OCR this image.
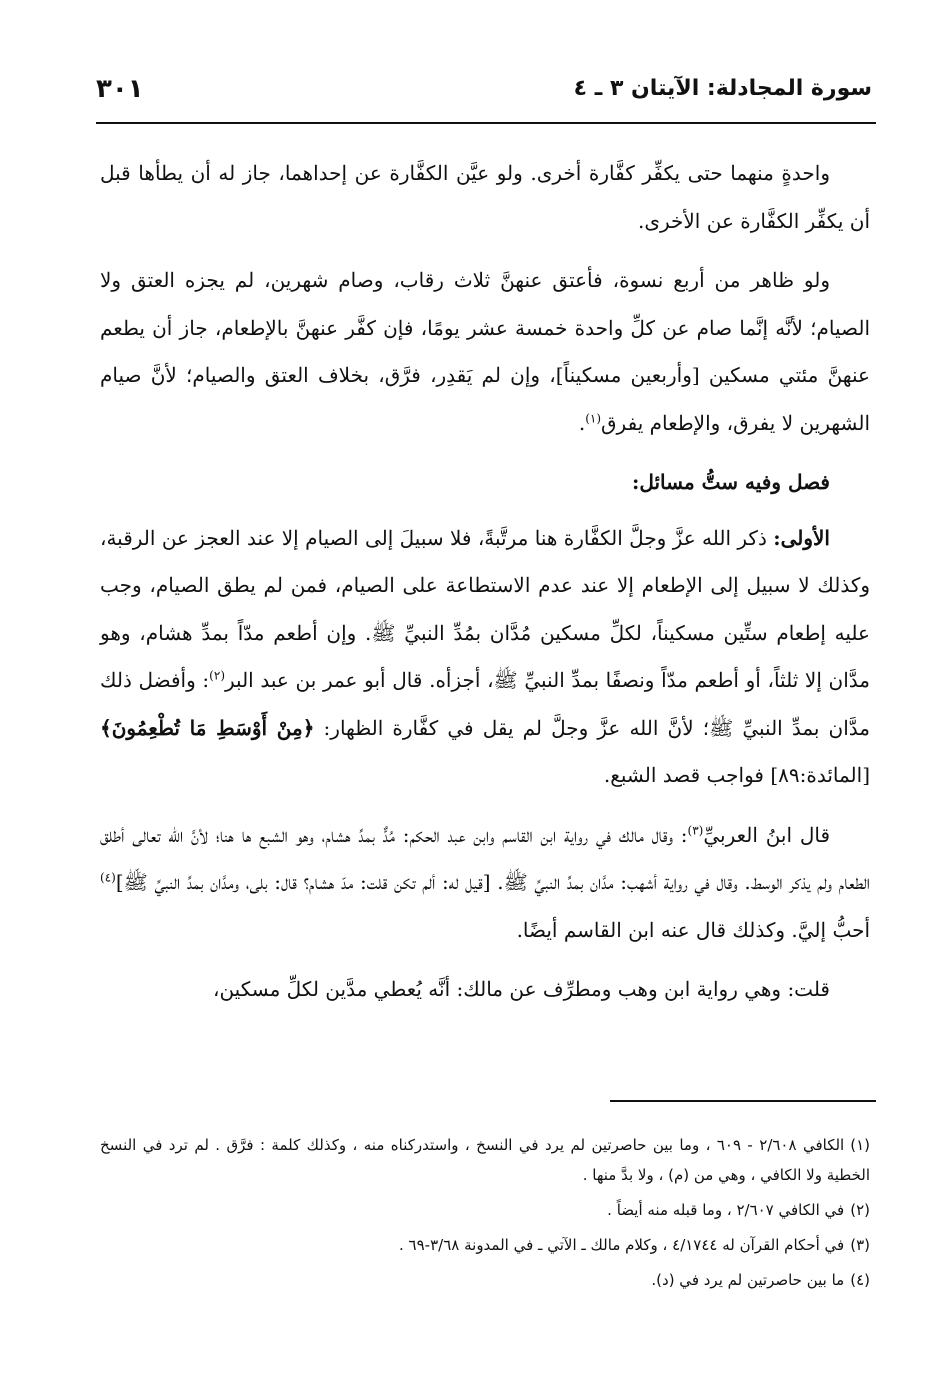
سورة المجادلة: الآيتان ٣ ـ ٤
٣٠١

واحدةٍ منهما حتى يكفِّر كفَّارة أخرى. ولو عيَّن الكفَّارة عن إحداهما، جاز له أن يطأها قبل أن يكفِّر الكفَّارة عن الأخرى.

ولو ظاهر من أربع نسوة، فأعتق عنهنَّ ثلاث رقاب، وصام شهرين، لم يجزه العتق ولا الصيام؛ لأنَّه إنَّما صام عن كلِّ واحدة خمسة عشر يومًا، فإن كفَّر عنهنَّ بالإطعام، جاز أن يطعم عنهنَّ مئتي مسكين [وأربعين مسكيناً]، وإن لم يَقدِر، فرَّق، بخلاف العتق والصيام؛ لأنَّ صيام الشهرين لا يفرق، والإطعام يفرق$^{(١)}$.

فصل وفيه ستُّ مسائل:

الأولى: ذكر الله عزَّ وجلَّ الكفَّارة هنا مرتَّبةً، فلا سبيلَ إلى الصيام إلا عند العجز عن الرقبة، وكذلك لا سبيل إلى الإطعام إلا عند عدم الاستطاعة على الصيام، فمن لم يطق الصيام، وجب عليه إطعام ستِّين مسكيناً، لكلِّ مسكين مُدَّان بمُدِّ النبيِّ ﷺ. وإن أطعم مدّاً بمدِّ هشام، وهو مدَّان إلا ثلثاً، أو أطعم مدّاً ونصفًا بمدِّ النبيِّ ﷺ، أجزأه. قال أبو عمر بن عبد البر$^{(٢)}$: وأفضل ذلك مدَّان بمدِّ النبيِّ ﷺ؛ لأنَّ الله عزَّ وجلَّ لم يقل في كفَّارة الظهار: ﴿مِنْ أَوْسَطِ مَا تُطْعِمُونَ﴾ [المائدة:٨٩] فواجب قصد الشبع.

قال ابنُ العربيِّ$^{(٣)}$: وقال مالك في رواية ابن القاسم وابن عبد الحكم: مُدٌّ بمدِّ هشام، وهو الشبع ها هنا؛ لأنَّ الله تعالى أطلق الطعام ولم يذكر الوسط. وقال في رواية أشهب: مدَّان بمدِّ النبيِّ ﷺ. [قيل له: ألم تكن قلت: مدّ هشام؟ قال: بلى، ومدَّان بمدِّ النبيِّ ﷺ]$^{(٤)}$ أحبُّ إليَّ. وكذلك قال عنه ابن القاسم أيضًا.

قلت: وهي رواية ابن وهب ومطرِّف عن مالك: أنَّه يُعطي مدَّين لكلِّ مسكين،

(١)الكافي ٢/٦٠٨ - ٦٠٩ ، وما بين حاصرتين لم يرد في النسخ ، واستدركناه منه ، وكذلك كلمة : فرَّق . لم ترد في النسخ الخطية ولا الكافي ، وهي من (م) ، ولا بدَّ منها .
(٢)في الكافي ٢/٦٠٧ ، وما قبله منه أيضاً .
(٣)في أحكام القرآن له ٤/١٧٤٤ ، وكلام مالك ـ الآتي ـ في المدونة ٣/٦٨-٦٩ .
(٤)ما بين حاصرتين لم يرد في (د).
